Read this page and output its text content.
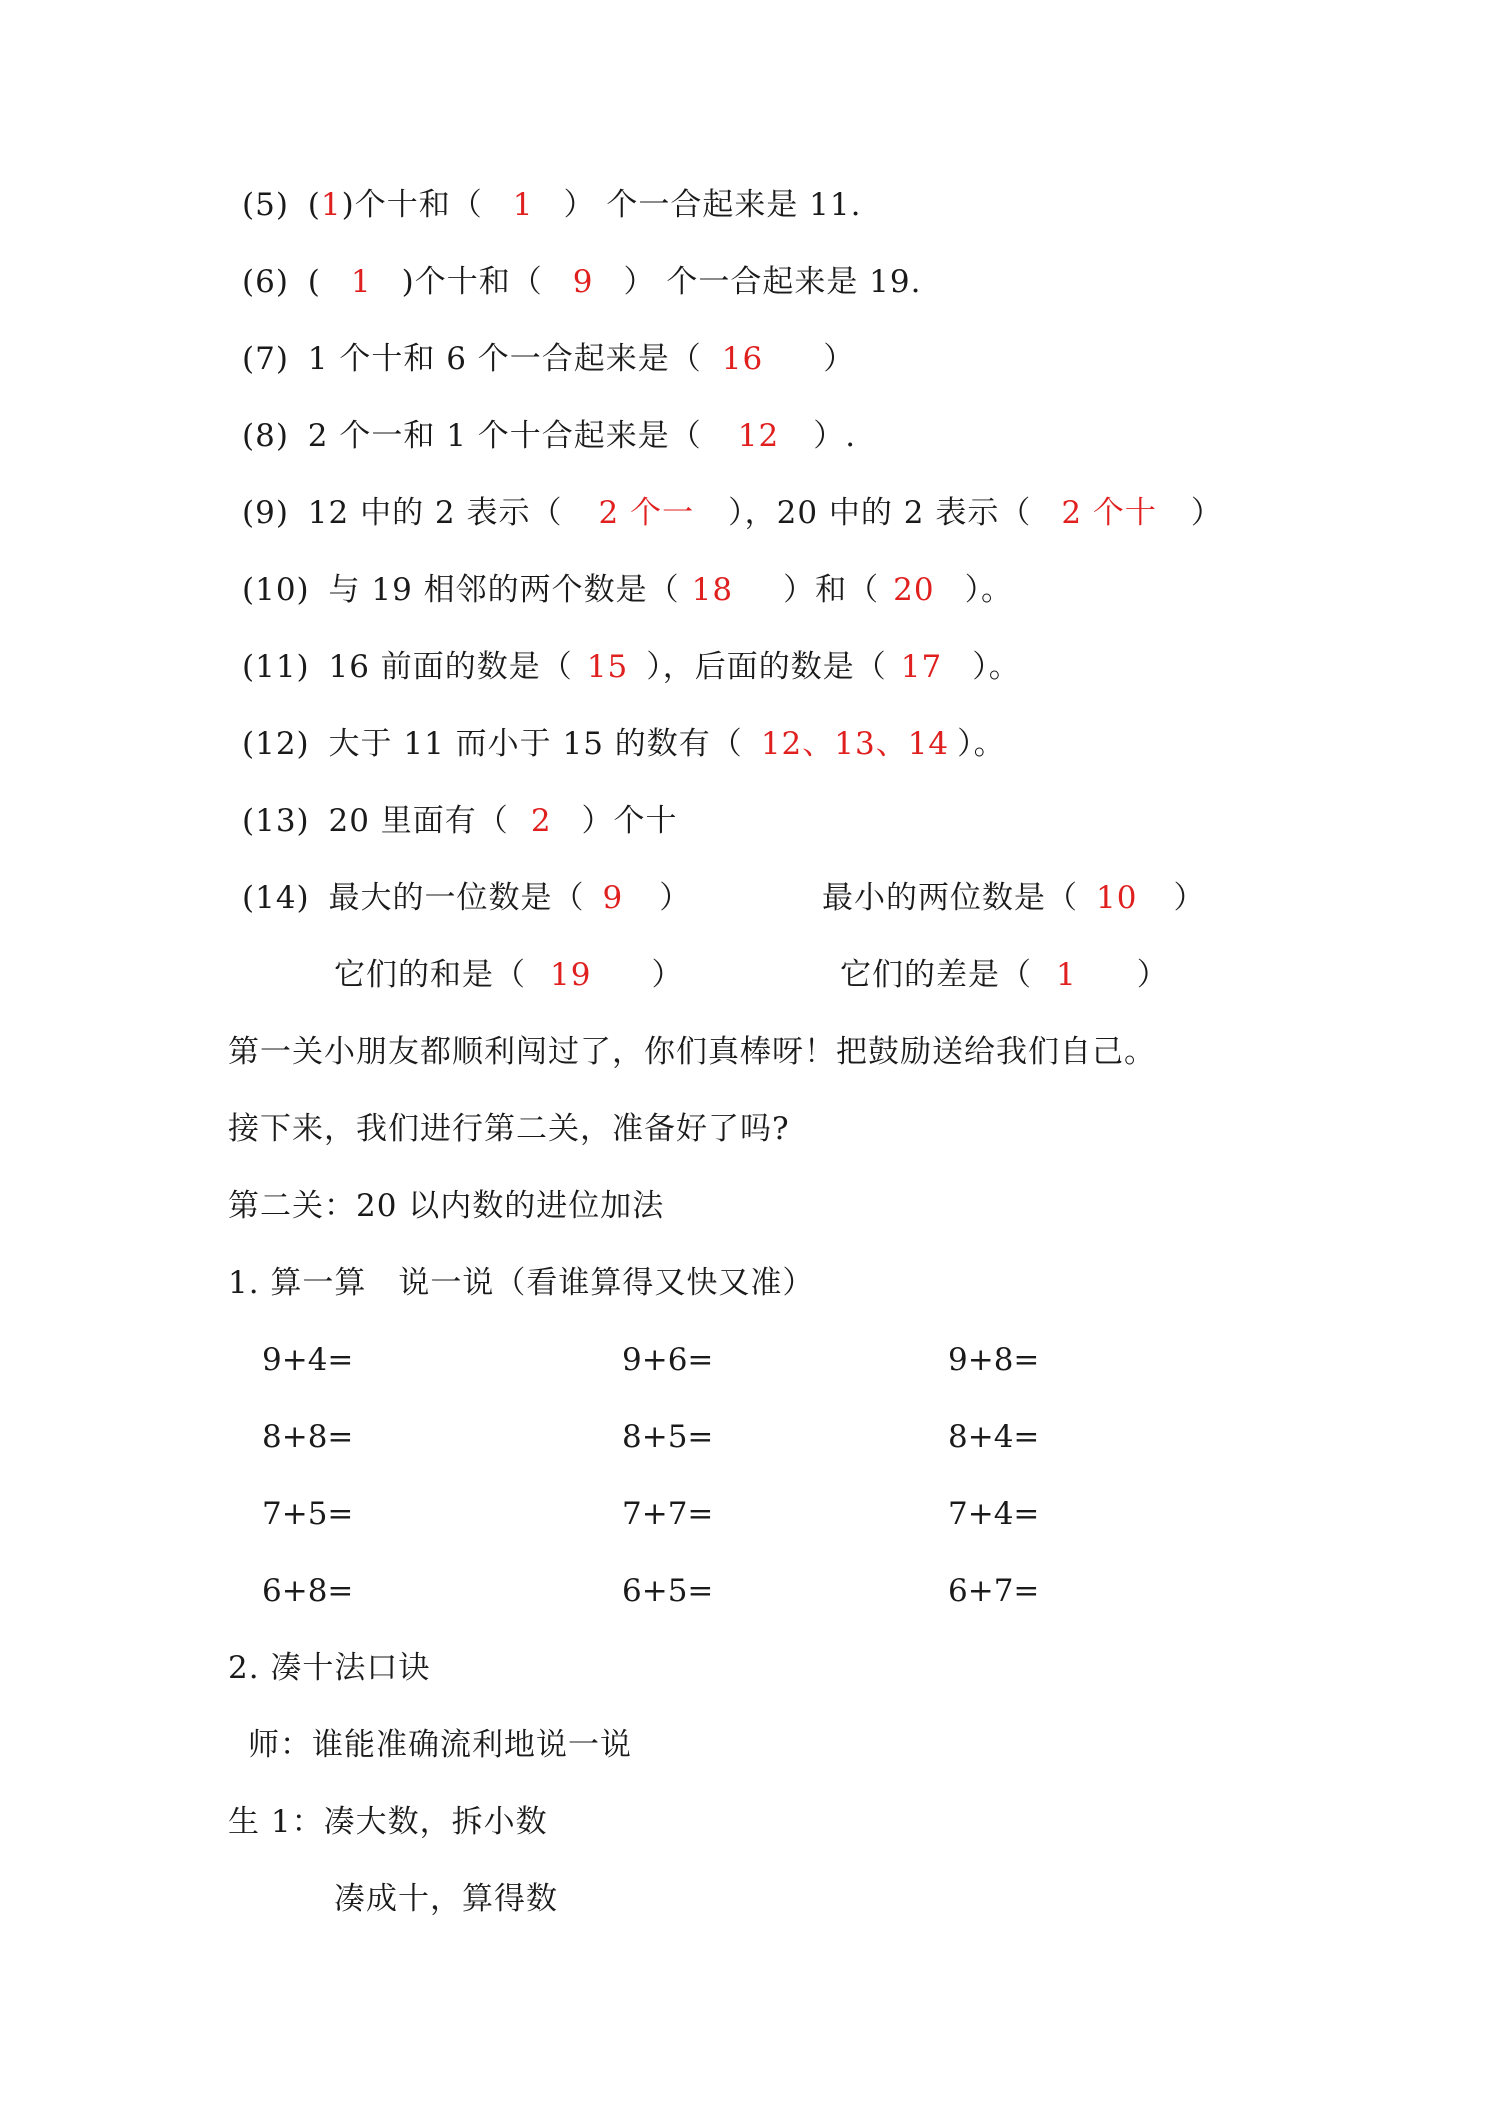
(5) (1)个十和（ 1 ） 个一合起来是 11.
(6) ( 1 )个十和（ 9 ） 个一合起来是 19.
(7) 1 个十和 6 个一合起来是（ 16 ）
(8) 2 个一和 1 个十合起来是（ 12 ）.
(9) 12 中的 2 表示（ 2 个一 ），20 中的 2 表示（ 2 个十 ）
(10) 与 19 相邻的两个数是（ 18 ）和（ 20 ）。
(11) 16 前面的数是（ 15 ），后面的数是（ 17 ）。
(12) 大于 11 而小于 15 的数有（ 12、13、14 ）。
(13) 20 里面有（ 2 ）个十
(14) 最大的一位数是（ 9 ）	最小的两位数是（ 10 ）
它们的和是（ 19 ）	它们的差是（ 1 ）
第一关小朋友都顺利闯过了，你们真棒呀！把鼓励送给我们自己。
接下来，我们进行第二关，准备好了吗?
第二关：20 以内数的进位加法
1. 算一算　说一说（看谁算得又快又准）
9+4=	9+6=	9+8=
8+8=	8+5=	8+4=
7+5=	7+7=	7+4=
6+8=	6+5=	6+7=
2. 凑十法口诀
师：谁能准确流利地说一说
生 1：凑大数，拆小数
凑成十，算得数
